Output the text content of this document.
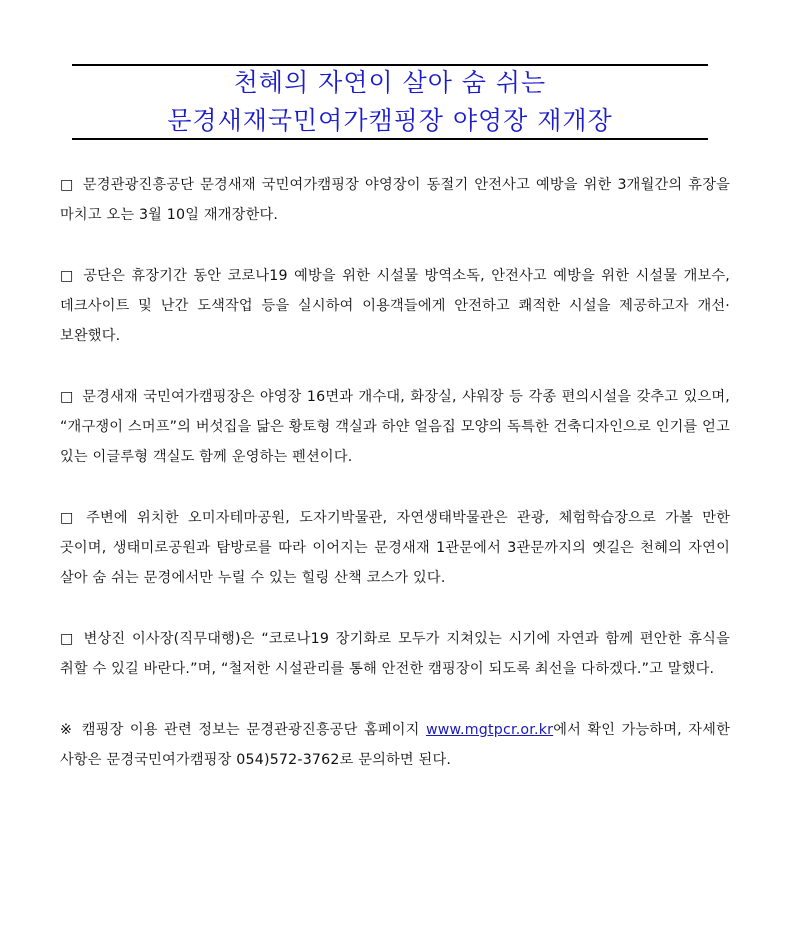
천혜의 자연이 살아 숨 쉬는
문경새재국민여가캠핑장 야영장 재개장

□ 문경관광진흥공단 문경새재 국민여가캠핑장 야영장이 동절기 안전사고 예방을 위한 3개월간의 휴장을 마치고 오는 3월 10일 재개장한다.

□ 공단은 휴장기간 동안 코로나19 예방을 위한 시설물 방역소독, 안전사고 예방을 위한 시설물 개보수, 데크사이트 및 난간 도색작업 등을 실시하여 이용객들에게 안전하고 쾌적한 시설을 제공하고자 개선·보완했다.

□ 문경새재 국민여가캠핑장은 야영장 16면과 개수대, 화장실, 샤워장 등 각종 편의시설을 갖추고 있으며, “개구쟁이 스머프”의 버섯집을 닮은 황토형 객실과 하얀 얼음집 모양의 독특한 건축디자인으로 인기를 얻고 있는 이글루형 객실도 함께 운영하는 펜션이다.

□ 주변에 위치한 오미자테마공원, 도자기박물관, 자연생태박물관은 관광, 체험학습장으로 가볼 만한 곳이며, 생태미로공원과 탐방로를 따라 이어지는 문경새재 1관문에서 3관문까지의 옛길은 천혜의 자연이 살아 숨 쉬는 문경에서만 누릴 수 있는 힐링 산책 코스가 있다.

□ 변상진 이사장(직무대행)은 “코로나19 장기화로 모두가 지쳐있는 시기에 자연과 함께 편안한 휴식을 취할 수 있길 바란다.”며, “철저한 시설관리를 통해 안전한 캠핑장이 되도록 최선을 다하겠다.”고 말했다.

※ 캠핑장 이용 관련 정보는 문경관광진흥공단 홈페이지 www.mgtpcr.or.kr에서 확인 가능하며, 자세한 사항은 문경국민여가캠핑장 054)572-3762로 문의하면 된다.
